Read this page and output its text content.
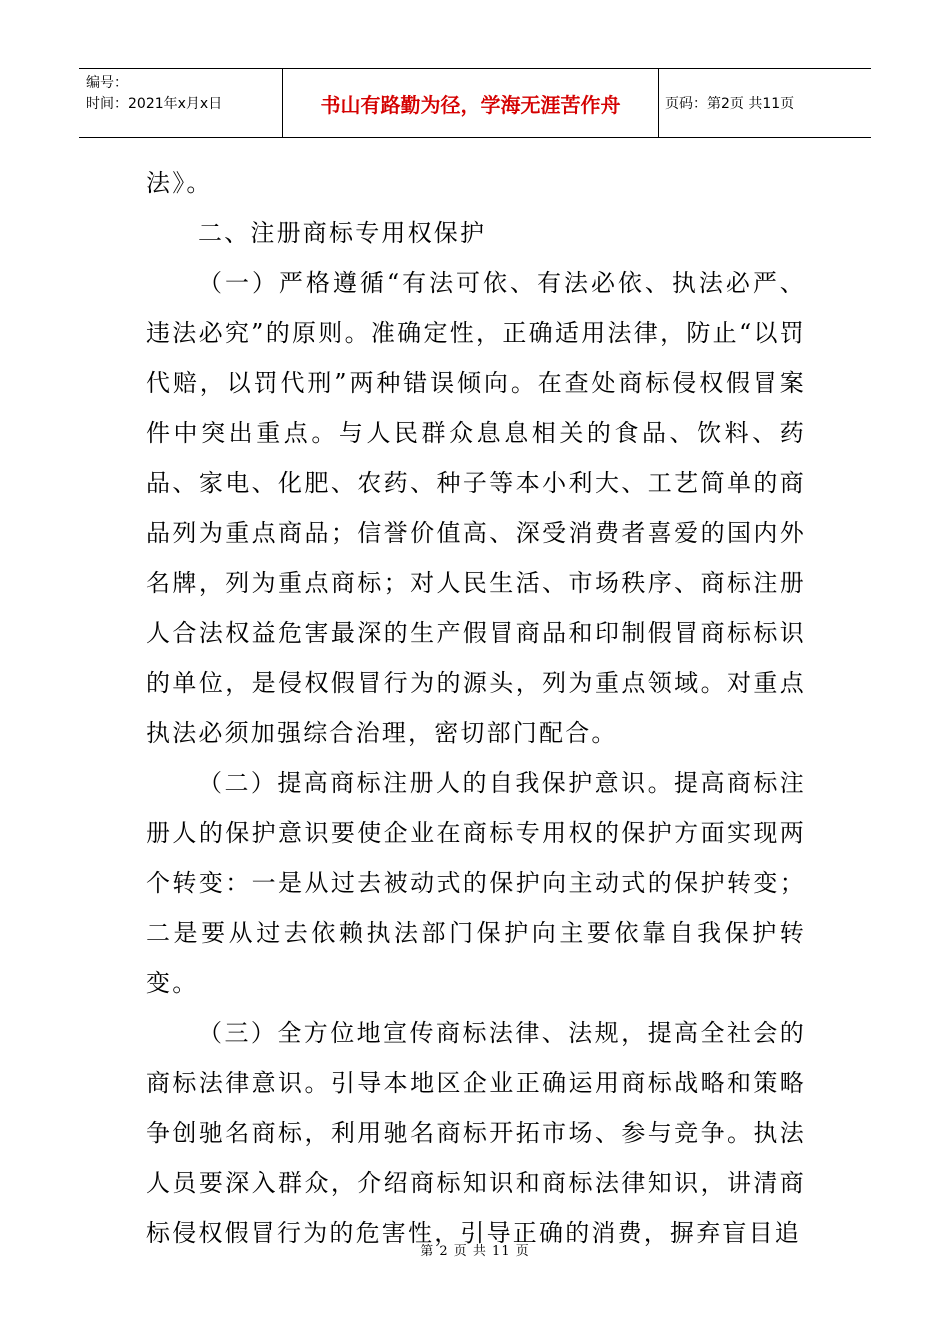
编号：
时间：2021年x月x日	书山有路勤为径，学海无涯苦作舟	页码：第2页 共11页

法》。

二、注册商标专用权保护

（一）严格遵循“有法可依、有法必依、执法必严、违法必究”的原则。准确定性，正确适用法律，防止“以罚代赔，以罚代刑”两种错误倾向。在查处商标侵权假冒案件中突出重点。与人民群众息息相关的食品、饮料、药品、家电、化肥、农药、种子等本小利大、工艺简单的商品列为重点商品；信誉价值高、深受消费者喜爱的国内外名牌，列为重点商标；对人民生活、市场秩序、商标注册人合法权益危害最深的生产假冒商品和印制假冒商标标识的单位，是侵权假冒行为的源头，列为重点领域。对重点执法必须加强综合治理，密切部门配合。

（二）提高商标注册人的自我保护意识。提高商标注册人的保护意识要使企业在商标专用权的保护方面实现两个转变：一是从过去被动式的保护向主动式的保护转变；二是要从过去依赖执法部门保护向主要依靠自我保护转变。

（三）全方位地宣传商标法律、法规，提高全社会的商标法律意识。引导本地区企业正确运用商标战略和策略争创驰名商标，利用驰名商标开拓市场、参与竞争。执法人员要深入群众，介绍商标知识和商标法律知识，讲清商标侵权假冒行为的危害性，引导正确的消费，摒弃盲目追

第 2 页 共 11 页
